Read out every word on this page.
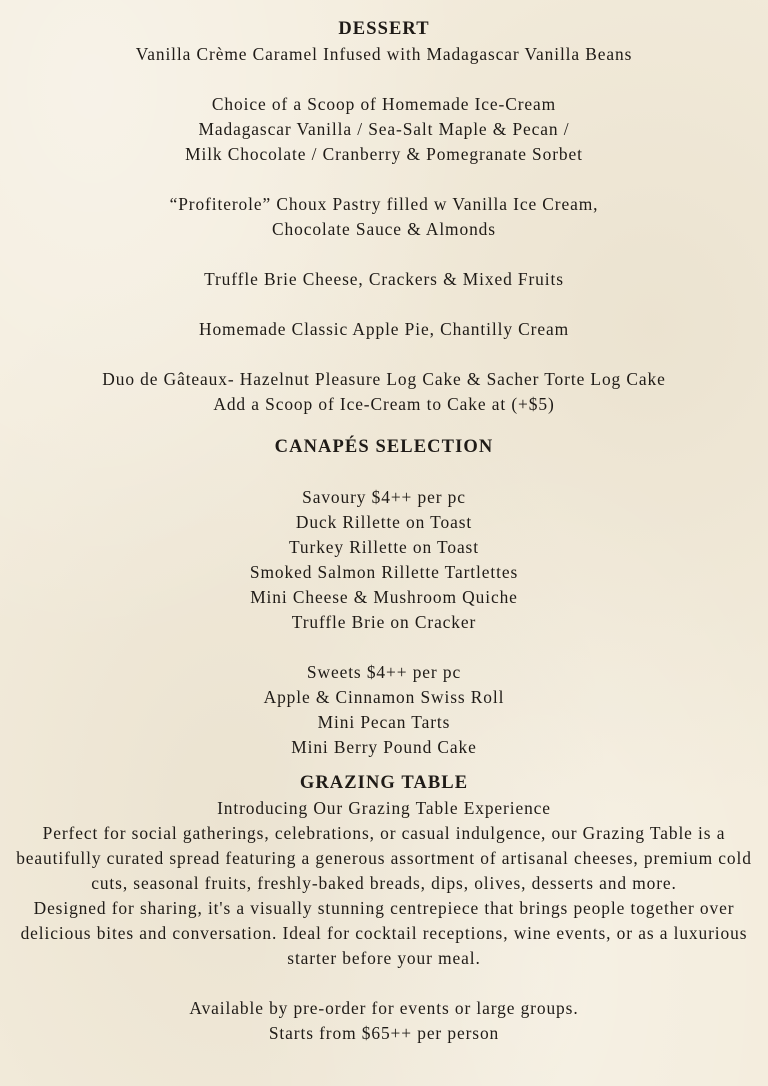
DESSERT
Vanilla Crème Caramel Infused with Madagascar Vanilla Beans
Choice of a Scoop of Homemade Ice-Cream
Madagascar Vanilla / Sea-Salt Maple & Pecan /
Milk Chocolate / Cranberry & Pomegranate Sorbet
“Profiterole” Choux Pastry filled w Vanilla Ice Cream,
Chocolate Sauce & Almonds
Truffle Brie Cheese, Crackers & Mixed Fruits
Homemade Classic Apple Pie, Chantilly Cream
Duo de Gâteaux- Hazelnut Pleasure Log Cake & Sacher Torte Log Cake
Add a Scoop of Ice-Cream to Cake at (+$5)
CANAPÉS SELECTION
Savoury $4++ per pc
Duck Rillette on Toast
Turkey Rillette on Toast
Smoked Salmon Rillette Tartlettes
Mini Cheese & Mushroom Quiche
Truffle Brie on Cracker
Sweets $4++ per pc
Apple & Cinnamon Swiss Roll
Mini Pecan Tarts
Mini Berry Pound Cake
GRAZING TABLE
Introducing Our Grazing Table Experience
Perfect for social gatherings, celebrations, or casual indulgence, our Grazing Table is a beautifully curated spread featuring a generous assortment of artisanal cheeses, premium cold cuts, seasonal fruits, freshly-baked breads, dips, olives, desserts and more.
Designed for sharing, it's a visually stunning centrepiece that brings people together over delicious bites and conversation. Ideal for cocktail receptions, wine events, or as a luxurious starter before your meal.
Available by pre-order for events or large groups.
Starts from $65++ per person
